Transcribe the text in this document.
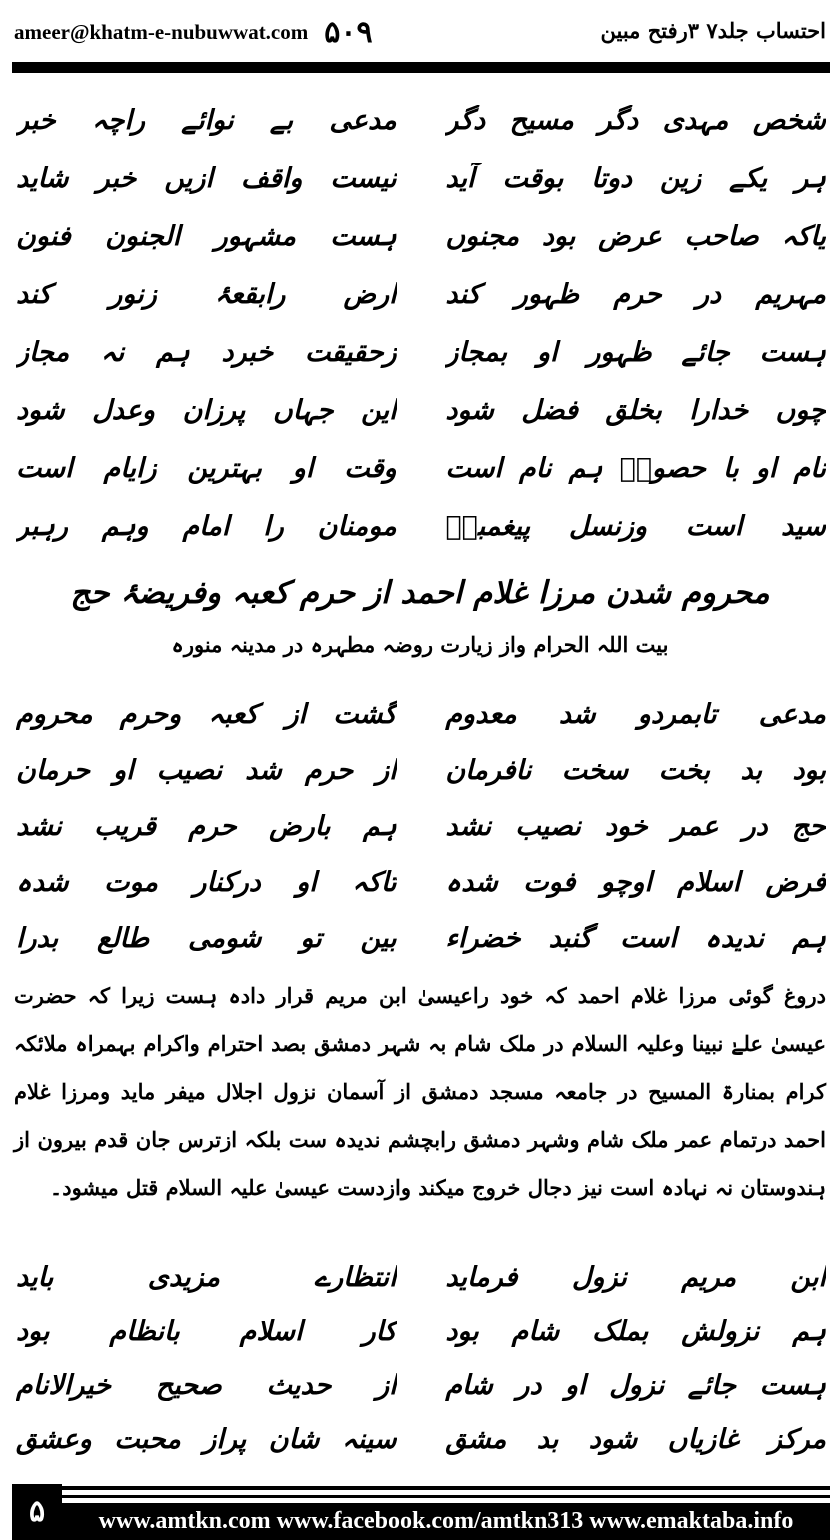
ameer@khatm-e-nubuwwat.com ۵۰۹	احتساب جلد۷ ۳رفتح مبین
شخص مہدی دگر مسیح دگر
مدعی بے نوائے راچہ خبر
ہر یکے زین دوتا بوقت آید
نیست واقف ازیں خبر شاید
یاکہ صاحب عرض بود مجنوں
ہست مشہور الجنون فنون
مہریم در حرم ظہور کند
ارض رابقعۂ زنور کند
ہست جائے ظہور او بمجاز
زحقیقت خبرد ہم نہ مجاز
چوں خدارا بخلق فضل شود
این جہاں پرزان وعدل شود
نام او با حصورؑ ہم نام است
وقت او بہترین زایام است
سید است وزنسل پیغمبرؐ
مومنان را امام وہم رہبر
محروم شدن مرزا غلام احمد از حرم کعبہ وفریضۂ حج
بیت اللہ الحرام واز زیارت روضہ مطہرہ در مدینہ منورہ
مدعی تابمردو شد معدوم
گشت از کعبہ وحرم محروم
بود بد بخت سخت نافرمان
از حرم شد نصیب او حرمان
حج در عمر خود نصیب نشد
ہم بارض حرم قریب نشد
فرض اسلام اوچو فوت شدہ
تاکہ او درکنار موت شدہ
ہم ندیدہ است گنبد خضراء
بین تو شومی طالع بدرا
دروغ گوئی مرزا غلام احمد کہ خود راعیسیٰ ابن مریم قرار دادہ ہست زیرا کہ حضرت عیسیٰ علےٰ نبینا وعلیہ السلام در ملک شام بہ شہر دمشق بصد احترام واکرام بہمراہ ملائکہ کرام بمنارۃ المسیح در جامعہ مسجد دمشق از آسمان نزول اجلال میفر ماید ومرزا غلام احمد درتمام عمر ملک شام وشہر دمشق رابچشم ندیدہ ست بلکہ ازترس جان قدم بیرون از ہندوستان نہ نہادہ است نیز دجال خروج میکند وازدست عیسیٰ علیہ السلام قتل میشود۔
ابن مریم نزول فرماید
انتظارے مزیدی باید
ہم نزولش بملک شام بود
کار اسلام بانظام بود
ہست جائے نزول او در شام
از حدیث صحیح خیرالانام
مرکز غازیاں شود بد مشق
سینہ شان پراز محبت وعشق
۵	www.amtkn.com www.facebook.com/amtkn313 www.emaktaba.info
